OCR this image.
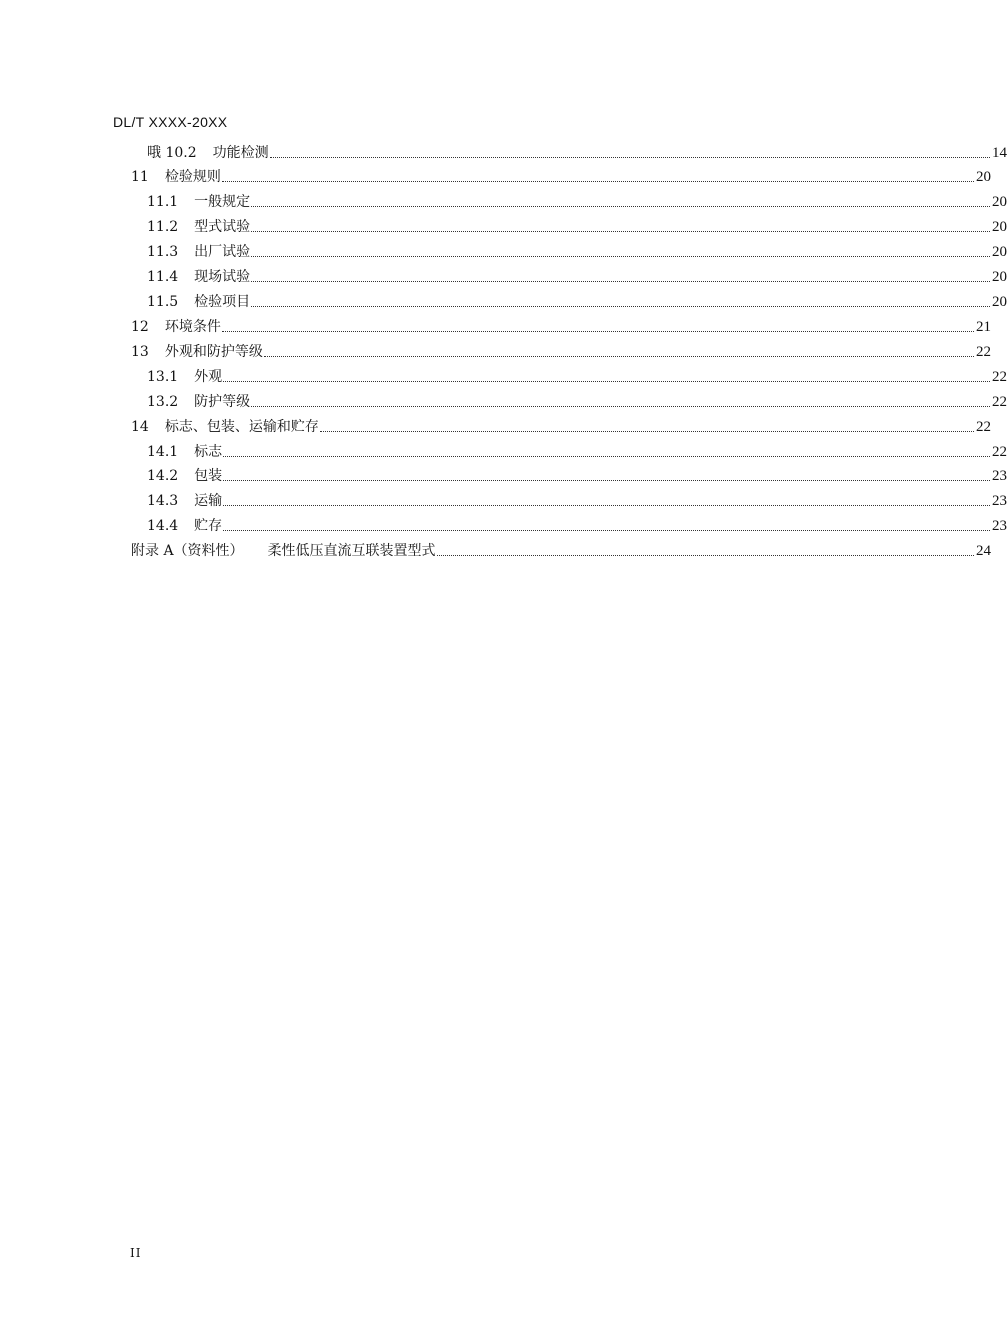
DL/T XXXX-20XX
哦 10.2 功能检测	14
11 检验规则	20
11.1 一般规定	20
11.2 型式试验	20
11.3 出厂试验	20
11.4 现场试验	20
11.5 检验项目	20
12 环境条件	21
13 外观和防护等级	22
13.1 外观	22
13.2 防护等级	22
14 标志、包装、运输和贮存	22
14.1 标志	22
14.2 包装	23
14.3 运输	23
14.4 贮存	23
附录 A（资料性） 柔性低压直流互联装置型式	24
II
